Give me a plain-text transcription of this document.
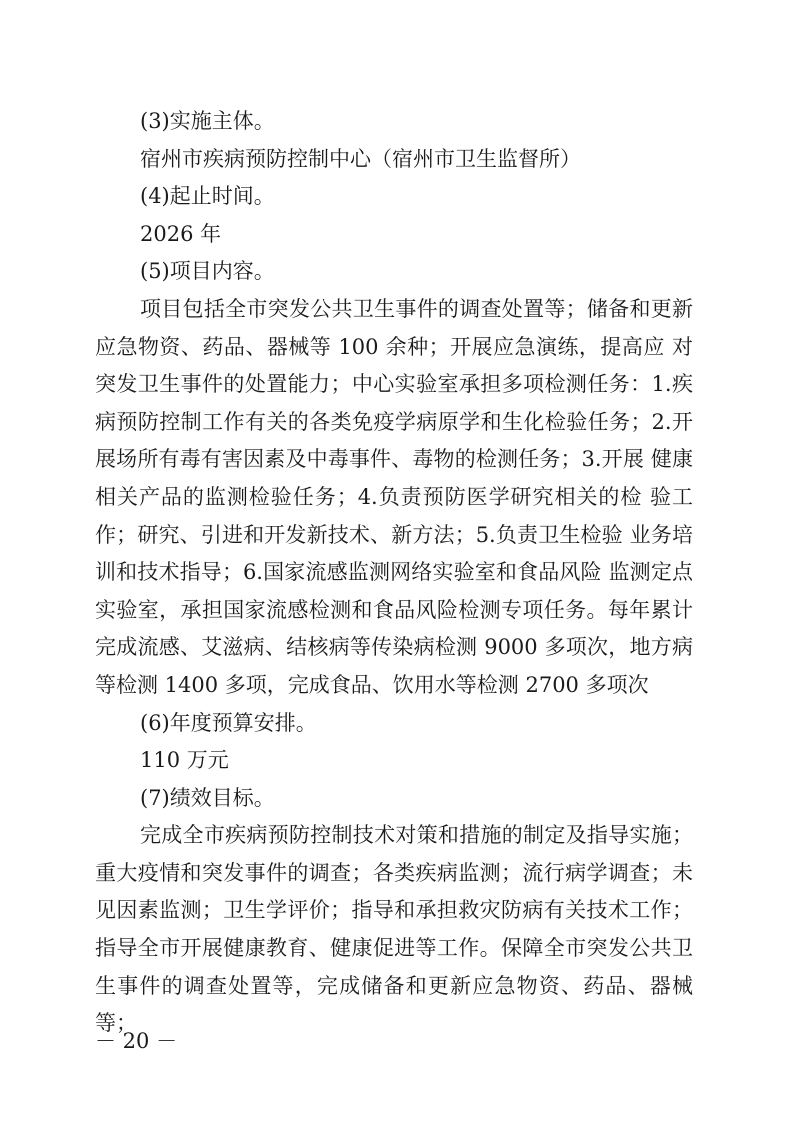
(3)实施主体。

宿州市疾病预防控制中心（宿州市卫生监督所）

(4)起止时间。

2026 年

(5)项目内容。

项目包括全市突发公共卫生事件的调查处置等；储备和更新应急物资、药品、器械等 100 余种；开展应急演练，提高应 对突发卫生事件的处置能力；中心实验室承担多项检测任务：1.疾病预防控制工作有关的各类免疫学病原学和生化检验任务；2.开展场所有毒有害因素及中毒事件、毒物的检测任务；3.开展 健康相关产品的监测检验任务；4.负责预防医学研究相关的检 验工作；研究、引进和开发新技术、新方法；5.负责卫生检验 业务培训和技术指导；6.国家流感监测网络实验室和食品风险 监测定点实验室，承担国家流感检测和食品风险检测专项任务。每年累计完成流感、艾滋病、结核病等传染病检测 9000 多项次，地方病等检测 1400 多项，完成食品、饮用水等检测 2700 多项次

(6)年度预算安排。

110 万元

(7)绩效目标。

完成全市疾病预防控制技术对策和措施的制定及指导实施；重大疫情和突发事件的调查；各类疾病监测；流行病学调查；未见因素监测；卫生学评价；指导和承担救灾防病有关技术工作；指导全市开展健康教育、健康促进等工作。保障全市突发公共卫生事件的调查处置等，完成储备和更新应急物资、药品、器械等；

－ 20 －
